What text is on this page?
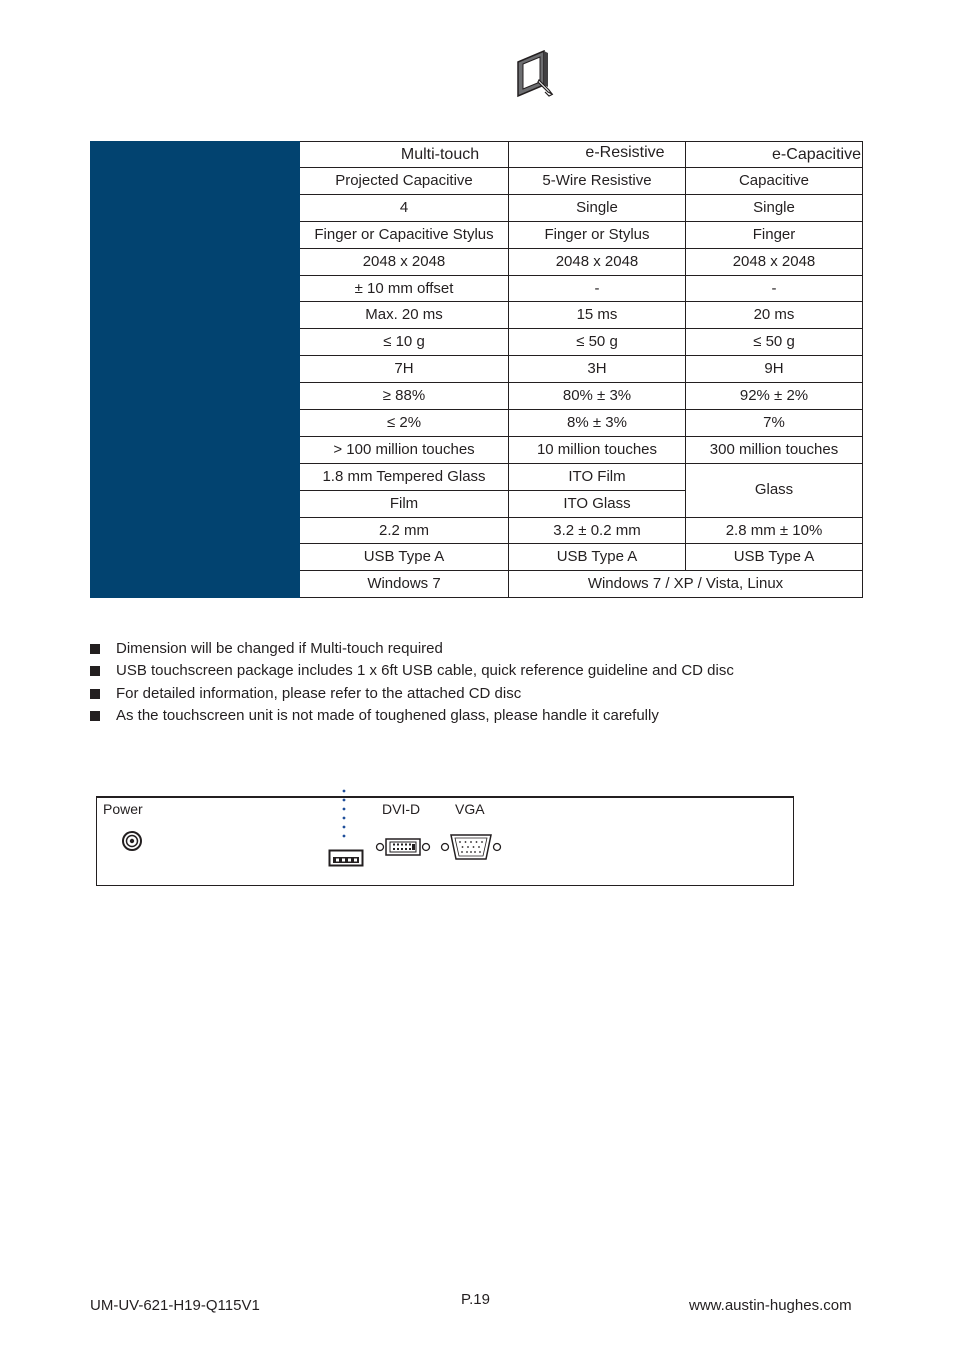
	Multi-touch	e-Resistive	e-Capacitive
	Projected Capacitive	5-Wire Resistive	Capacitive
	4	Single	Single
	Finger or Capacitive Stylus	Finger or Stylus	Finger
	2048 x 2048	2048 x 2048	2048 x 2048
	± 10 mm offset	-	-
	Max. 20 ms	15 ms	20 ms
	≤ 10 g	≤ 50 g	≤ 50 g
	7H	3H	9H
	≥ 88%	80% ± 3%	92% ± 2%
	≤ 2%	8% ± 3%	7%
	> 100 million touches	10 million touches	300 million touches
	1.8 mm Tempered Glass	ITO Film	Glass
	Film	ITO Glass	
	2.2 mm	3.2 ± 0.2 mm	2.8 mm ± 10%
	USB Type A	USB Type A	USB Type A
	Windows 7	Windows 7 / XP / Vista, Linux	
Dimension will be changed if Multi-touch required
USB touchscreen package includes 1 x 6ft USB cable, quick reference guideline and CD disc
For detailed information, please refer to the attached CD disc
As the touchscreen unit is not made of toughened glass, please handle it carefully
Power	DVI-D VGA
UM-UV-621-H19-Q115V1	P.19	www.austin-hughes.com
